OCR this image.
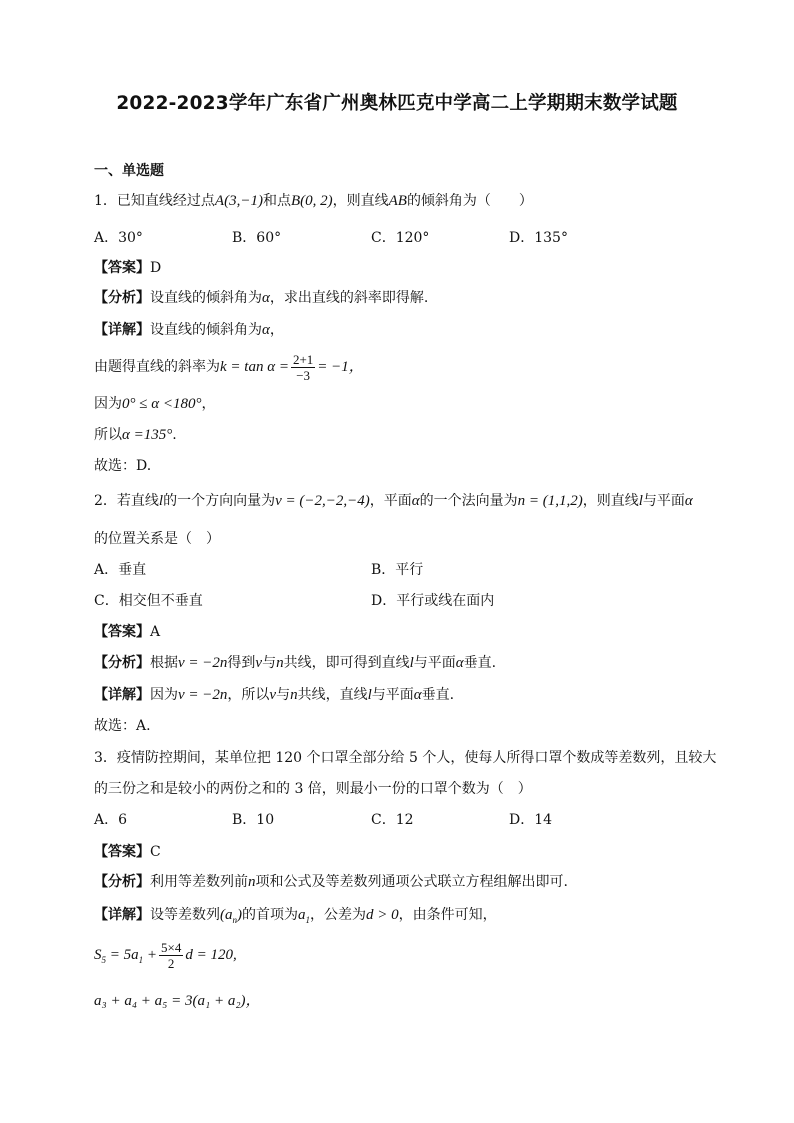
2022-2023学年广东省广州奥林匹克中学高二上学期期末数学试题
一、单选题
1．已知直线经过点A(3,−1)和点B(0, 2)，则直线AB的倾斜角为（　　）
A．30°	B．60°	C．120°	D．135°
【答案】D
【分析】设直线的倾斜角为α，求出直线的斜率即得解.
【详解】设直线的倾斜角为α，
由题得直线的斜率为$k = \tan \alpha = \frac{2+1}{-3} = -1$，
因为0° ≤ α <180°，
所以α =135°.
故选：D.
2．若直线l的一个方向向量为v = (−2,−2,−4)，平面α的一个法向量为n = (1,1,2)，则直线l与平面α
的位置关系是（　）
A．垂直	B．平行
C．相交但不垂直	D．平行或线在面内
【答案】A
【分析】根据v = −2n得到v与n共线，即可得到直线l与平面α垂直.
【详解】因为v = −2n，所以v与n共线，直线l与平面α垂直.
故选：A.
3．疫情防控期间，某单位把 120 个口罩全部分给 5 个人，使每人所得口罩个数成等差数列，且较大
的三份之和是较小的两份之和的 3 倍，则最小一份的口罩个数为（　）
A．6	B．10	C．12	D．14
【答案】C
【分析】利用等差数列前n项和公式及等差数列通项公式联立方程组解出即可.
【详解】设等差数列$(a_n)$的首项为$a_1$，公差为d > 0，由条件可知，
$S_5 = 5a_1 + \frac{5\times 4}{2}$ d = 120,
a₃ + a₄ + a₅ = 3(a₁ + a₂)，
